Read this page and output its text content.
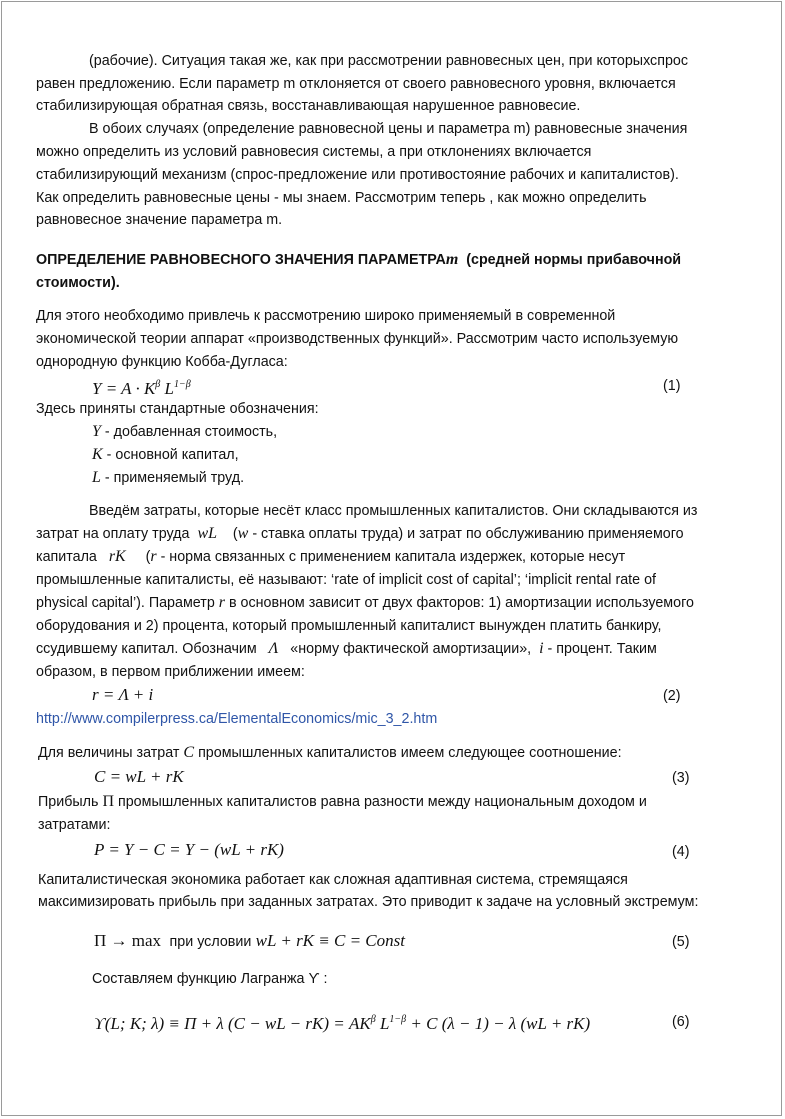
(рабочие). Ситуация такая же, как при рассмотрении равновесных цен, при которыхспрос
равен предложению. Если параметр m отклоняется от своего равновесного уровня, включается
стабилизирующая обратная связь, восстанавливающая нарушенное равновесие.
В обоих случаях (определение равновесной цены и параметра m) равновесные значения
можно определить из условий равновесия системы, а при отклонениях включается
стабилизирующий механизм (спрос-предложение или противостояние рабочих и капиталистов).
Как определить равновесные цены - мы знаем. Рассмотрим теперь , как можно определить
равновесное значение параметра m.
ОПРЕДЕЛЕНИЕ РАВНОВЕСНОГО ЗНАЧЕНИЯ ПАРАМЕТРАm (средней нормы прибавочной
стоимости).
Для этого необходимо привлечь к рассмотрению широко применяемый в современной
экономической теории аппарат «производственных функций». Рассмотрим часто используемую
однородную функцию Кобба-Дугласа:
$Y = A \cdot K^\beta$ $L^{1-\beta}$	(1)
Здесь приняты стандартные обозначения:
Y - добавленная стоимость,
K - основной капитал,
L - применяемый труд.
Введём затраты, которые несёт класс промышленных капиталистов. Они складываются из
затрат на оплату труда wL (w - ставка оплаты труда) и затрат по обслуживанию применяемого
капитала rK (r - норма связанных с применением капитала издержек, которые несут
промышленные капиталисты, её называют: ‘rate of implicit cost of capital’; ‘implicit rental rate of
physical capital’). Параметр r в основном зависит от двух факторов: 1) амортизации используемого
оборудования и 2) процента, который промышленный капиталист вынужден платить банкиру,
ссудившему капитал. Обозначим Λ «норму фактической амортизации», i - процент. Таким
образом, в первом приближении имеем:
r = Λ + i	(2)
http://www.compilerpress.ca/ElementalEconomics/mic_3_2.htm
Для величины затрат C промышленных капиталистов имеем следующее соотношение:
C = wL + rK	(3)
Прибыль Π промышленных капиталистов равна разности между национальным доходом и
затратами:
P = Y − C = Y − (wL + rK)	(4)
Капиталистическая экономика работает как сложная адаптивная система, стремящаяся
максимизировать прибыль при заданных затратах. Это приводит к задаче на условный экстремум:
Π → max при условии wL + rK ≡ C = Const	(5)
Составляем функцию Лагранжа ϒ :
ϒ(L; K; λ) ≡ Π + λ (C − wL − $rK) = AK^\beta$ $L^{1-\beta} + C$ (λ − 1) − λ (wL + rK)	(6)
